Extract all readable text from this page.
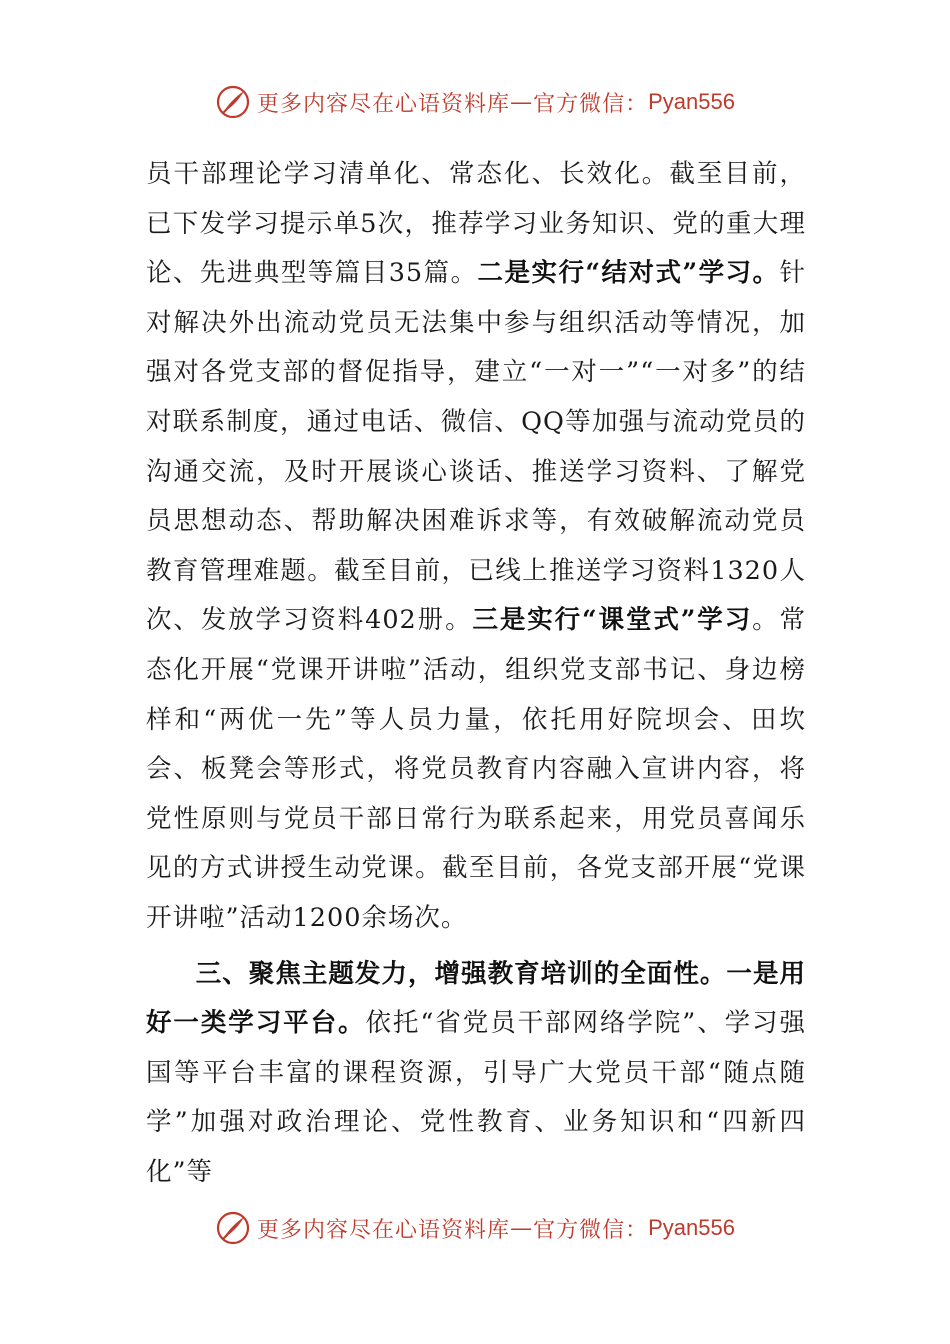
更多内容尽在心语资料库 — 官方微信： Pyan556

员干部理论学习清单化、常态化、长效化。截至目前，已下发学习提示单5次，推荐学习业务知识、党的重大理论、先进典型等篇目35篇。二是实行“结对式”学习。针对解决外出流动党员无法集中参与组织活动等情况，加强对各党支部的督促指导，建立“一对一”“一对多”的结对联系制度，通过电话、微信、QQ等加强与流动党员的沟通交流，及时开展谈心谈话、推送学习资料、了解党员思想动态、帮助解决困难诉求等，有效破解流动党员教育管理难题。截至目前，已线上推送学习资料1320人次、发放学习资料402册。三是实行“课堂式”学习。常态化开展“党课开讲啦”活动，组织党支部书记、身边榜样和“两优一先”等人员力量，依托用好院坝会、田坎会、板凳会等形式，将党员教育内容融入宣讲内容，将党性原则与党员干部日常行为联系起来，用党员喜闻乐见的方式讲授生动党课。截至目前，各党支部开展“党课开讲啦”活动1200余场次。

三、聚焦主题发力，增强教育培训的全面性。一是用好一类学习平台。依托“省党员干部网络学院”、学习强国等平台丰富的课程资源，引导广大党员干部“随点随学”加强对政治理论、党性教育、业务知识和“四新四化”等

更多内容尽在心语资料库 — 官方微信： Pyan556
